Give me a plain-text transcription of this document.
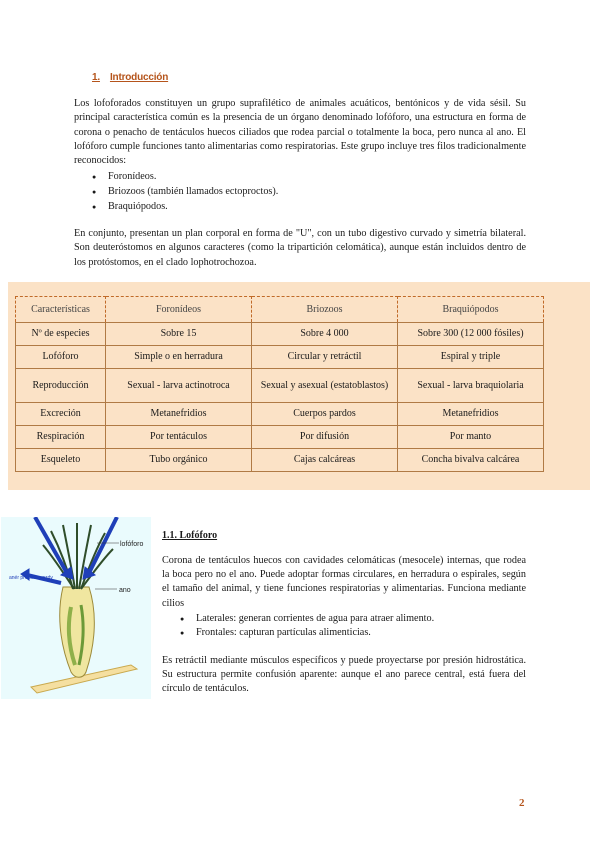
1. Introducción
Los lofoforados constituyen un grupo suprafilético de animales acuáticos, bentónicos y de vida sésil. Su principal característica común es la presencia de un órgano denominado lofóforo, una estructura en forma de corona o penacho de tentáculos huecos ciliados que rodea parcial o totalmente la boca, pero nunca al ano. El lofóforo cumple funciones tanto alimentarias como respiratorias. Este grupo incluye tres filos tradicionalmente reconocidos:
● Foronídeos.
● Briozoos (también llamados ectoproctos).
● Braquiópodos.
En conjunto, presentan un plan corporal en forma de "U", con un tubo digestivo curvado y simetría bilateral. Son deuteróstomos en algunos caracteres (como la tripartición celomática), aunque están incluidos dentro de los protóstomos, en el clado lophotrochozoa.
Características	Foronídeos	Briozoos	Braquiópodos
Nº de especies	Sobre 15	Sobre 4 000	Sobre 300 (12 000 fósiles)
Lofóforo	Simple o en herradura	Circular y retráctil	Espiral y triple
Reproducción	Sexual - larva actinotroca	Sexual y asexual (estatoblastos)	Sexual - larva braquiolaria
Excreción	Metanefridios	Cuerpos pardos	Metanefridios
Respiración	Por tentáculos	Por difusión	Por manto
Esqueleto	Tubo orgánico	Cajas calcáreas	Concha bivalva calcárea
lofóforo
ano
anér procudo vozdy
1.1. Lofóforo
Corona de tentáculos huecos con cavidades celomáticas (mesocele) internas, que rodea la boca pero no el ano. Puede adoptar formas circulares, en herradura o espirales, según el tamaño del animal, y tiene funciones respiratorias y alimentarias. Funciona mediante cilios
● Laterales: generan corrientes de agua para atraer alimento.
● Frontales: capturan partículas alimenticias.
Es retráctil mediante músculos específicos y puede proyectarse por presión hidrostática. Su estructura permite confusión aparente: aunque el ano parece central, está fuera del círculo de tentáculos.
2
